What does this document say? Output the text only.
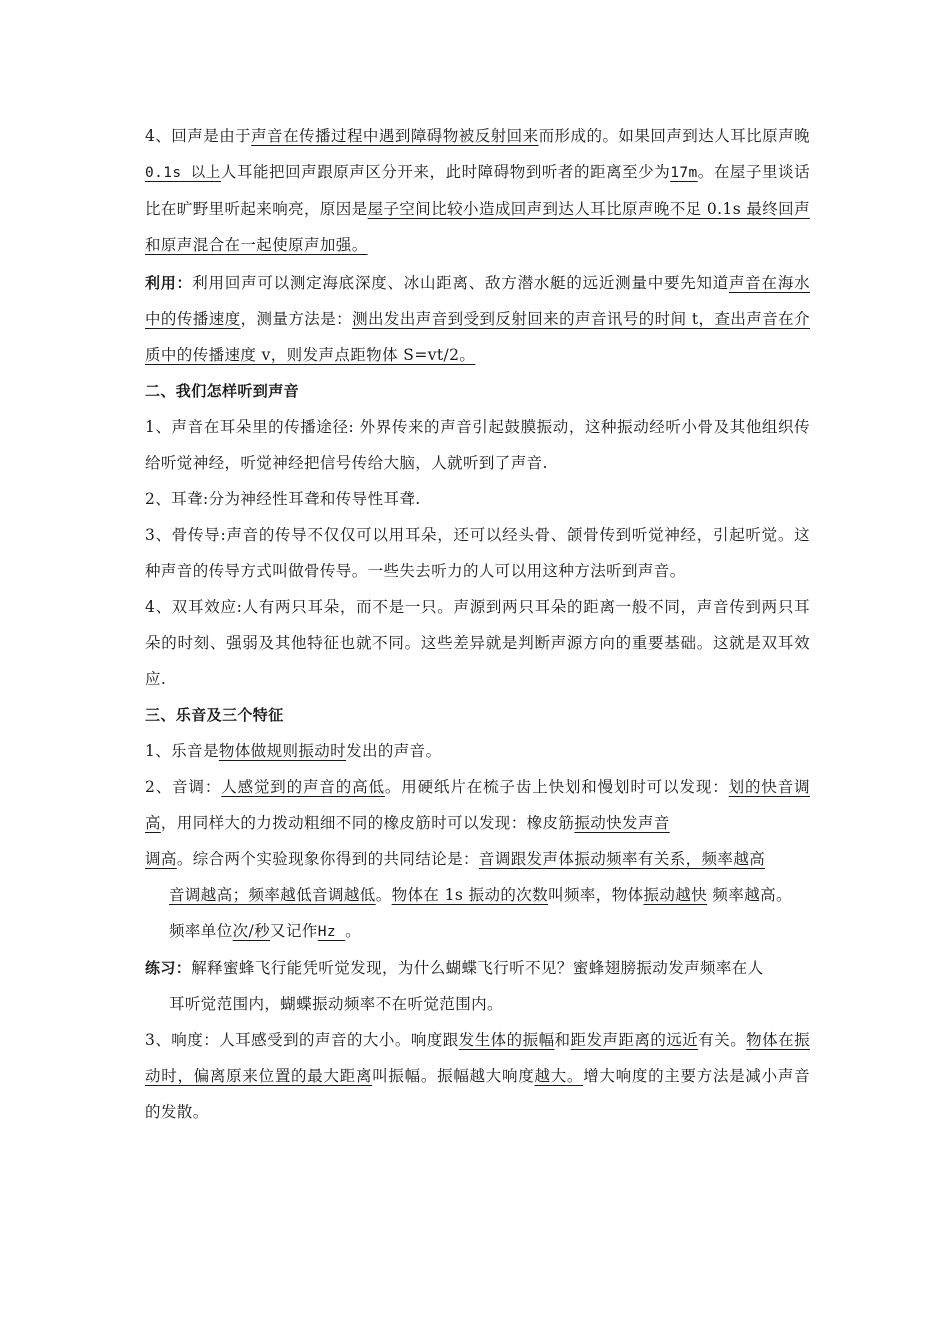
4、回声是由于声音在传播过程中遇到障碍物被反射回来而形成的。如果回声到达人耳比原声晚0.1s 以上人耳能把回声跟原声区分开来，此时障碍物到听者的距离至少为17m。在屋子里谈话比在旷野里听起来响亮，原因是屋子空间比较小造成回声到达人耳比原声晚不足 0.1s 最终回声和原声混合在一起使原声加强。

利用：利用回声可以测定海底深度、冰山距离、敌方潜水艇的远近测量中要先知道声音在海水中的传播速度，测量方法是：测出发出声音到受到反射回来的声音讯号的时间 t，查出声音在介质中的传播速度 v，则发声点距物体 S=vt/2。

二、我们怎样听到声音

1、声音在耳朵里的传播途径: 外界传来的声音引起鼓膜振动，这种振动经听小骨及其他组织传给听觉神经，听觉神经把信号传给大脑，人就听到了声音.

2、耳聋:分为神经性耳聋和传导性耳聋.

3、骨传导:声音的传导不仅仅可以用耳朵，还可以经头骨、颌骨传到听觉神经，引起听觉。这种声音的传导方式叫做骨传导。一些失去听力的人可以用这种方法听到声音。

4、双耳效应:人有两只耳朵，而不是一只。声源到两只耳朵的距离一般不同，声音传到两只耳朵的时刻、强弱及其他特征也就不同。这些差异就是判断声源方向的重要基础。这就是双耳效应.

三、乐音及三个特征

1、乐音是物体做规则振动时发出的声音。

2、音调：人感觉到的声音的高低。用硬纸片在梳子齿上快划和慢划时可以发现：划的快音调高，用同样大的力拨动粗细不同的橡皮筋时可以发现：橡皮筋振动快发声音

调高。综合两个实验现象你得到的共同结论是：音调跟发声体振动频率有关系，频率越高

音调越高；频率越低音调越低。物体在 1s 振动的次数叫频率，物体振动越快 频率越高。

频率单位次/秒又记作Hz 。

练习：解释蜜蜂飞行能凭听觉发现，为什么蝴蝶飞行听不见？蜜蜂翅膀振动发声频率在人

耳听觉范围内，蝴蝶振动频率不在听觉范围内。

3、响度：人耳感受到的声音的大小。响度跟发生体的振幅和距发声距离的远近有关。物体在振动时，偏离原来位置的最大距离叫振幅。振幅越大响度越大。增大响度的主要方法是减小声音的发散。
